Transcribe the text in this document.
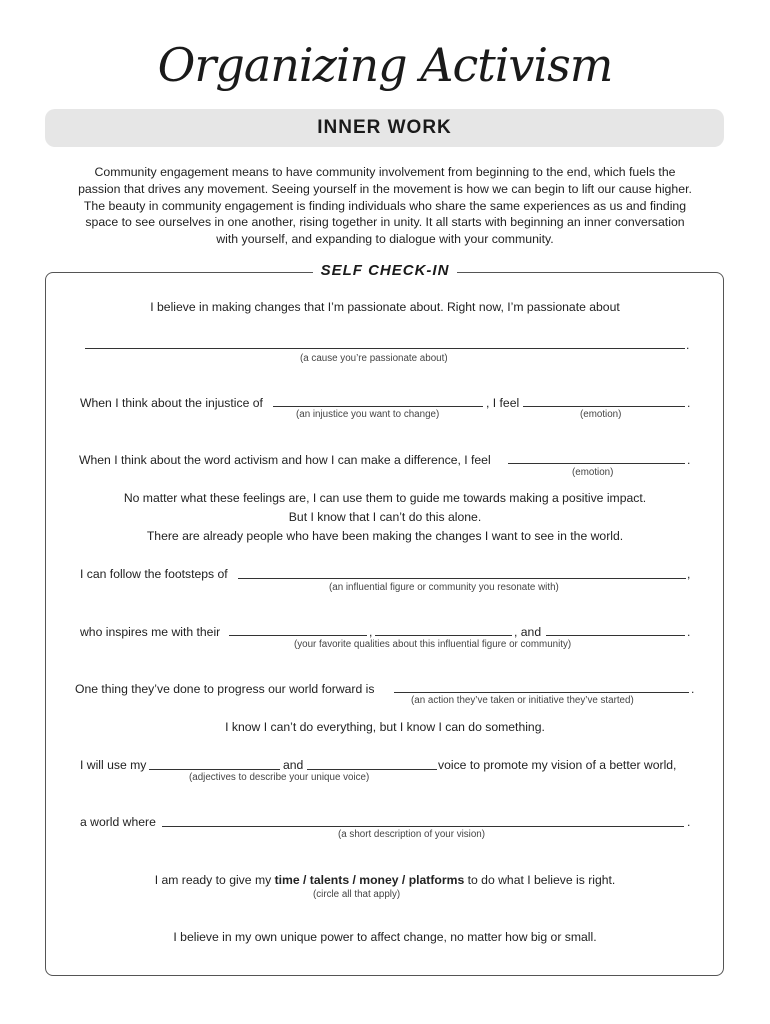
Organizing Activism
INNER WORK
Community engagement means to have community involvement from beginning to the end, which fuels the
passion that drives any movement. Seeing yourself in the movement is how we can begin to lift our cause higher.
The beauty in community engagement is finding individuals who share the same experiences as us and finding
space to see ourselves in one another, rising together in unity. It all starts with beginning an inner conversation
with yourself, and expanding to dialogue with your community.
SELF CHECK-IN
I believe in making changes that I’m passionate about. Right now, I’m passionate about
.
(a cause you’re passionate about)
When I think about the injustice of	, I feel	.
(an injustice you want to change)	(emotion)
When I think about the word activism and how I can make a difference, I feel	.
(emotion)
No matter what these feelings are, I can use them to guide me towards making a positive impact.
But I know that I can’t do this alone.
There are already people who have been making the changes I want to see in the world.
I can follow the footsteps of	,
(an influential figure or community you resonate with)
who inspires me with their	,	, and	.
(your favorite qualities about this influential figure or community)
One thing they’ve done to progress our world forward is	.
(an action they’ve taken or initiative they’ve started)
I know I can’t do everything, but I know I can do something.
I will use my	and	voice to promote my vision of a better world,
(adjectives to describe your unique voice)
a world where	.
(a short description of your vision)
I am ready to give my time / talents / money / platforms to do what I believe is right.
(circle all that apply)
I believe in my own unique power to affect change, no matter how big or small.
